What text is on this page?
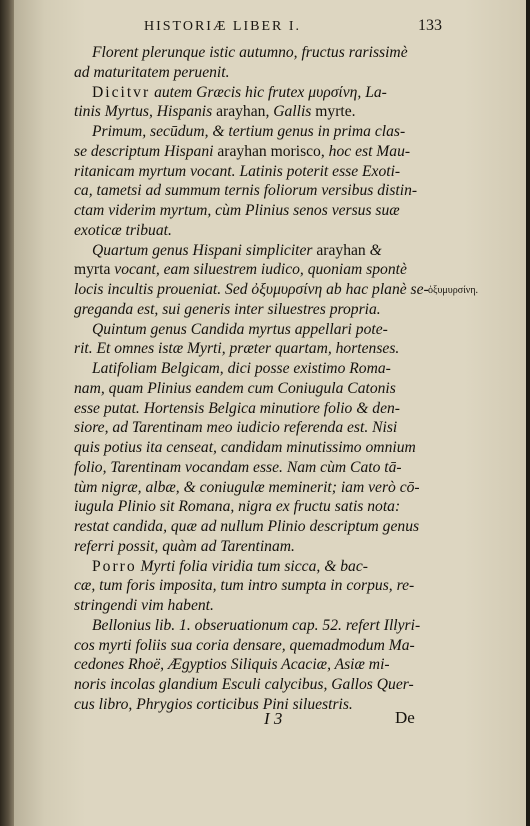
HISTORIÆ LIBER I.	133
Florent plerunque istic autumno, fructus rarissimè
ad maturitatem peruenit.
Dicitvr autem Græcis hic frutex μυρσίνη, La-
tinis Myrtus, Hispanis arayhan, Gallis myrte.
Primum, secūdum, & tertium genus in prima clas-
se descriptum Hispani arayhan morisco, hoc est Mau-
ritanicam myrtum vocant. Latinis poterit esse Exoti-
ca, tametsi ad summum ternis foliorum versibus distin-
ctam viderim myrtum, cùm Plinius senos versus suæ
exoticæ tribuat.
Quartum genus Hispani simpliciter arayhan &
myrta vocant, eam siluestrem iudico, quoniam spontè
locis incultis proueniat. Sed ὀξυμυρσίνη ab hac planè se-
greganda est, sui generis inter siluestres propria.
Quintum genus Candida myrtus appellari pote-
rit. Et omnes istæ Myrti, præter quartam, hortenses.
Latifoliam Belgicam, dici posse existimo Roma-
nam, quam Plinius eandem cum Coniugula Catonis
esse putat. Hortensis Belgica minutiore folio & den-
siore, ad Tarentinam meo iudicio referenda est. Nisi
quis potius ita censeat, candidam minutissimo omnium
folio, Tarentinam vocandam esse. Nam cùm Cato tā-
tùm nigræ, albæ, & coniugulæ meminerit; iam verò cō-
iugula Plinio sit Romana, nigra ex fructu satis nota:
restat candida, quæ ad nullum Plinio descriptum genus
referri possit, quàm ad Tarentinam.
Porro Myrti folia viridia tum sicca, & bac-
cæ, tum foris imposita, tum intro sumpta in corpus, re-
stringendi vim habent.
Bellonius lib. 1. obseruationum cap. 52. refert Illyri-
cos myrti foliis sua coria densare, quemadmodum Ma-
cedones Rhoë, Ægyptios Siliquis Acaciæ, Asiæ mi-
noris incolas glandium Esculi calycibus, Gallos Quer-
cus libro, Phrygios corticibus Pini siluestris.
ὀξυμυρσίνη.
I 3	De
